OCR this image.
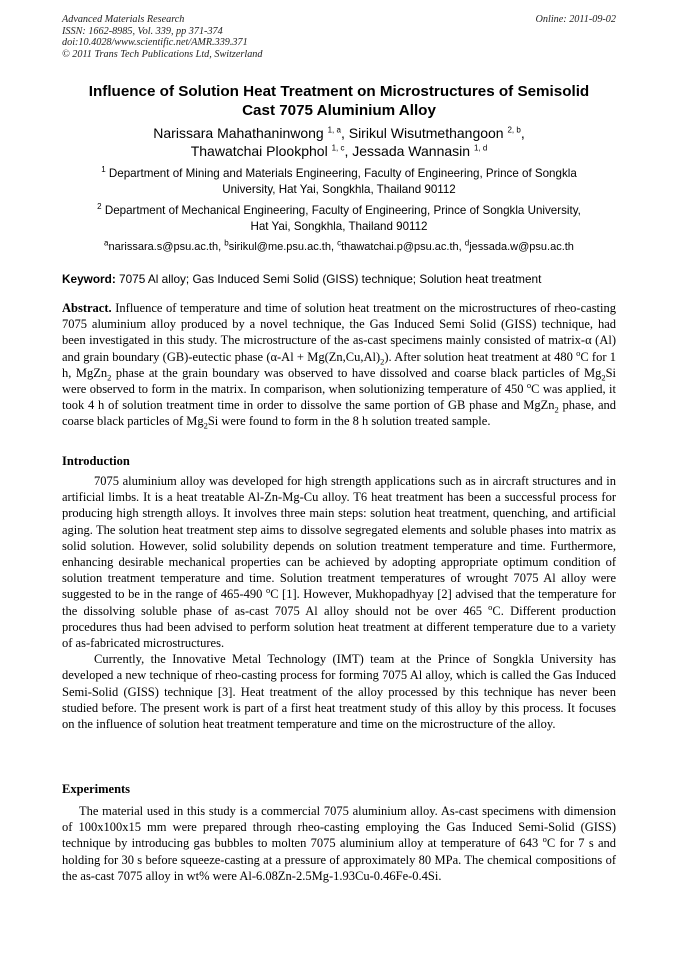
Advanced Materials Research
ISSN: 1662-8985, Vol. 339, pp 371-374
doi:10.4028/www.scientific.net/AMR.339.371
© 2011 Trans Tech Publications Ltd, Switzerland
Online: 2011-09-02
Influence of Solution Heat Treatment on Microstructures of Semisolid
Cast 7075 Aluminium Alloy
Narissara Mahathaninwong $^{1, a}$, Sirikul Wisutmethangoon $^{2, b}$,
Thawatchai Plookphol $^{1, c}$, Jessada Wannasin $^{1, d}$
$^1$ Department of Mining and Materials Engineering, Faculty of Engineering, Prince of Songkla
University, Hat Yai, Songkhla, Thailand 90112
$^2$ Department of Mechanical Engineering, Faculty of Engineering, Prince of Songkla University,
Hat Yai, Songkhla, Thailand 90112
$^a$narissara.s@psu.ac.th, $^b$sirikul@me.psu.ac.th, $^c$thawatchai.p@psu.ac.th, $^d$jessada.w@psu.ac.th
Keyword: 7075 Al alloy; Gas Induced Semi Solid (GISS) technique; Solution heat treatment

Abstract. Influence of temperature and time of solution heat treatment on the microstructures of rheo-casting 7075 aluminium alloy produced by a novel technique, the Gas Induced Semi Solid (GISS) technique, had been investigated in this study. The microstructure of the as-cast specimens mainly consisted of matrix-α (Al) and grain boundary (GB)-eutectic phase $(\alpha-Al + Mg(Zn,Cu,Al)_2)$. After solution heat treatment at 480 $^o$C for 1 h, MgZn$_2$ phase at the grain boundary was observed to have dissolved and coarse black particles of $Mg_2Si$ were observed to form in the matrix. In comparison, when solutionizing temperature of 450 $^o$C was applied, it took 4 h of solution treatment time in order to dissolve the same portion of GB phase and MgZn$_2$ phase, and coarse black particles of $Mg_2Si$ were found to form in the 8 h solution treated sample.

Introduction

7075 aluminium alloy was developed for high strength applications such as in aircraft structures and in artificial limbs. It is a heat treatable Al-Zn-Mg-Cu alloy. T6 heat treatment has been a successful process for producing high strength alloys. It involves three main steps: solution heat treatment, quenching, and artificial aging. The solution heat treatment step aims to dissolve segregated elements and soluble phases into matrix as solid solution. However, solid solubility depends on solution treatment temperature and time. Furthermore, enhancing desirable mechanical properties can be achieved by adopting appropriate optimum condition of solution treatment temperature and time. Solution treatment temperatures of wrought 7075 Al alloy were suggested to be in the range of 465-490 $^o$C [1]. However, Mukhopadhyay [2] advised that the temperature for the dissolving soluble phase of as-cast 7075 Al alloy should not be over 465 $^o$C. Different production procedures thus had been advised to perform solution heat treatment at different temperature due to a variety of as-fabricated microstructures.

Currently, the Innovative Metal Technology (IMT) team at the Prince of Songkla University has developed a new technique of rheo-casting process for forming 7075 Al alloy, which is called the Gas Induced Semi-Solid (GISS) technique [3]. Heat treatment of the alloy processed by this technique has never been studied before. The present work is part of a first heat treatment study of this alloy by this process. It focuses on the influence of solution heat treatment temperature and time on the microstructure of the alloy.

Experiments

The material used in this study is a commercial 7075 aluminium alloy. As-cast specimens with dimension of 100x100x15 mm were prepared through rheo-casting employing the Gas Induced Semi-Solid (GISS) technique by introducing gas bubbles to molten 7075 aluminium alloy at temperature of 643 $^o$C for 7 s and holding for 30 s before squeeze-casting at a pressure of approximately 80 MPa. The chemical compositions of the as-cast 7075 alloy in wt% were Al-6.08Zn-2.5Mg-1.93Cu-0.46Fe-0.4Si.
